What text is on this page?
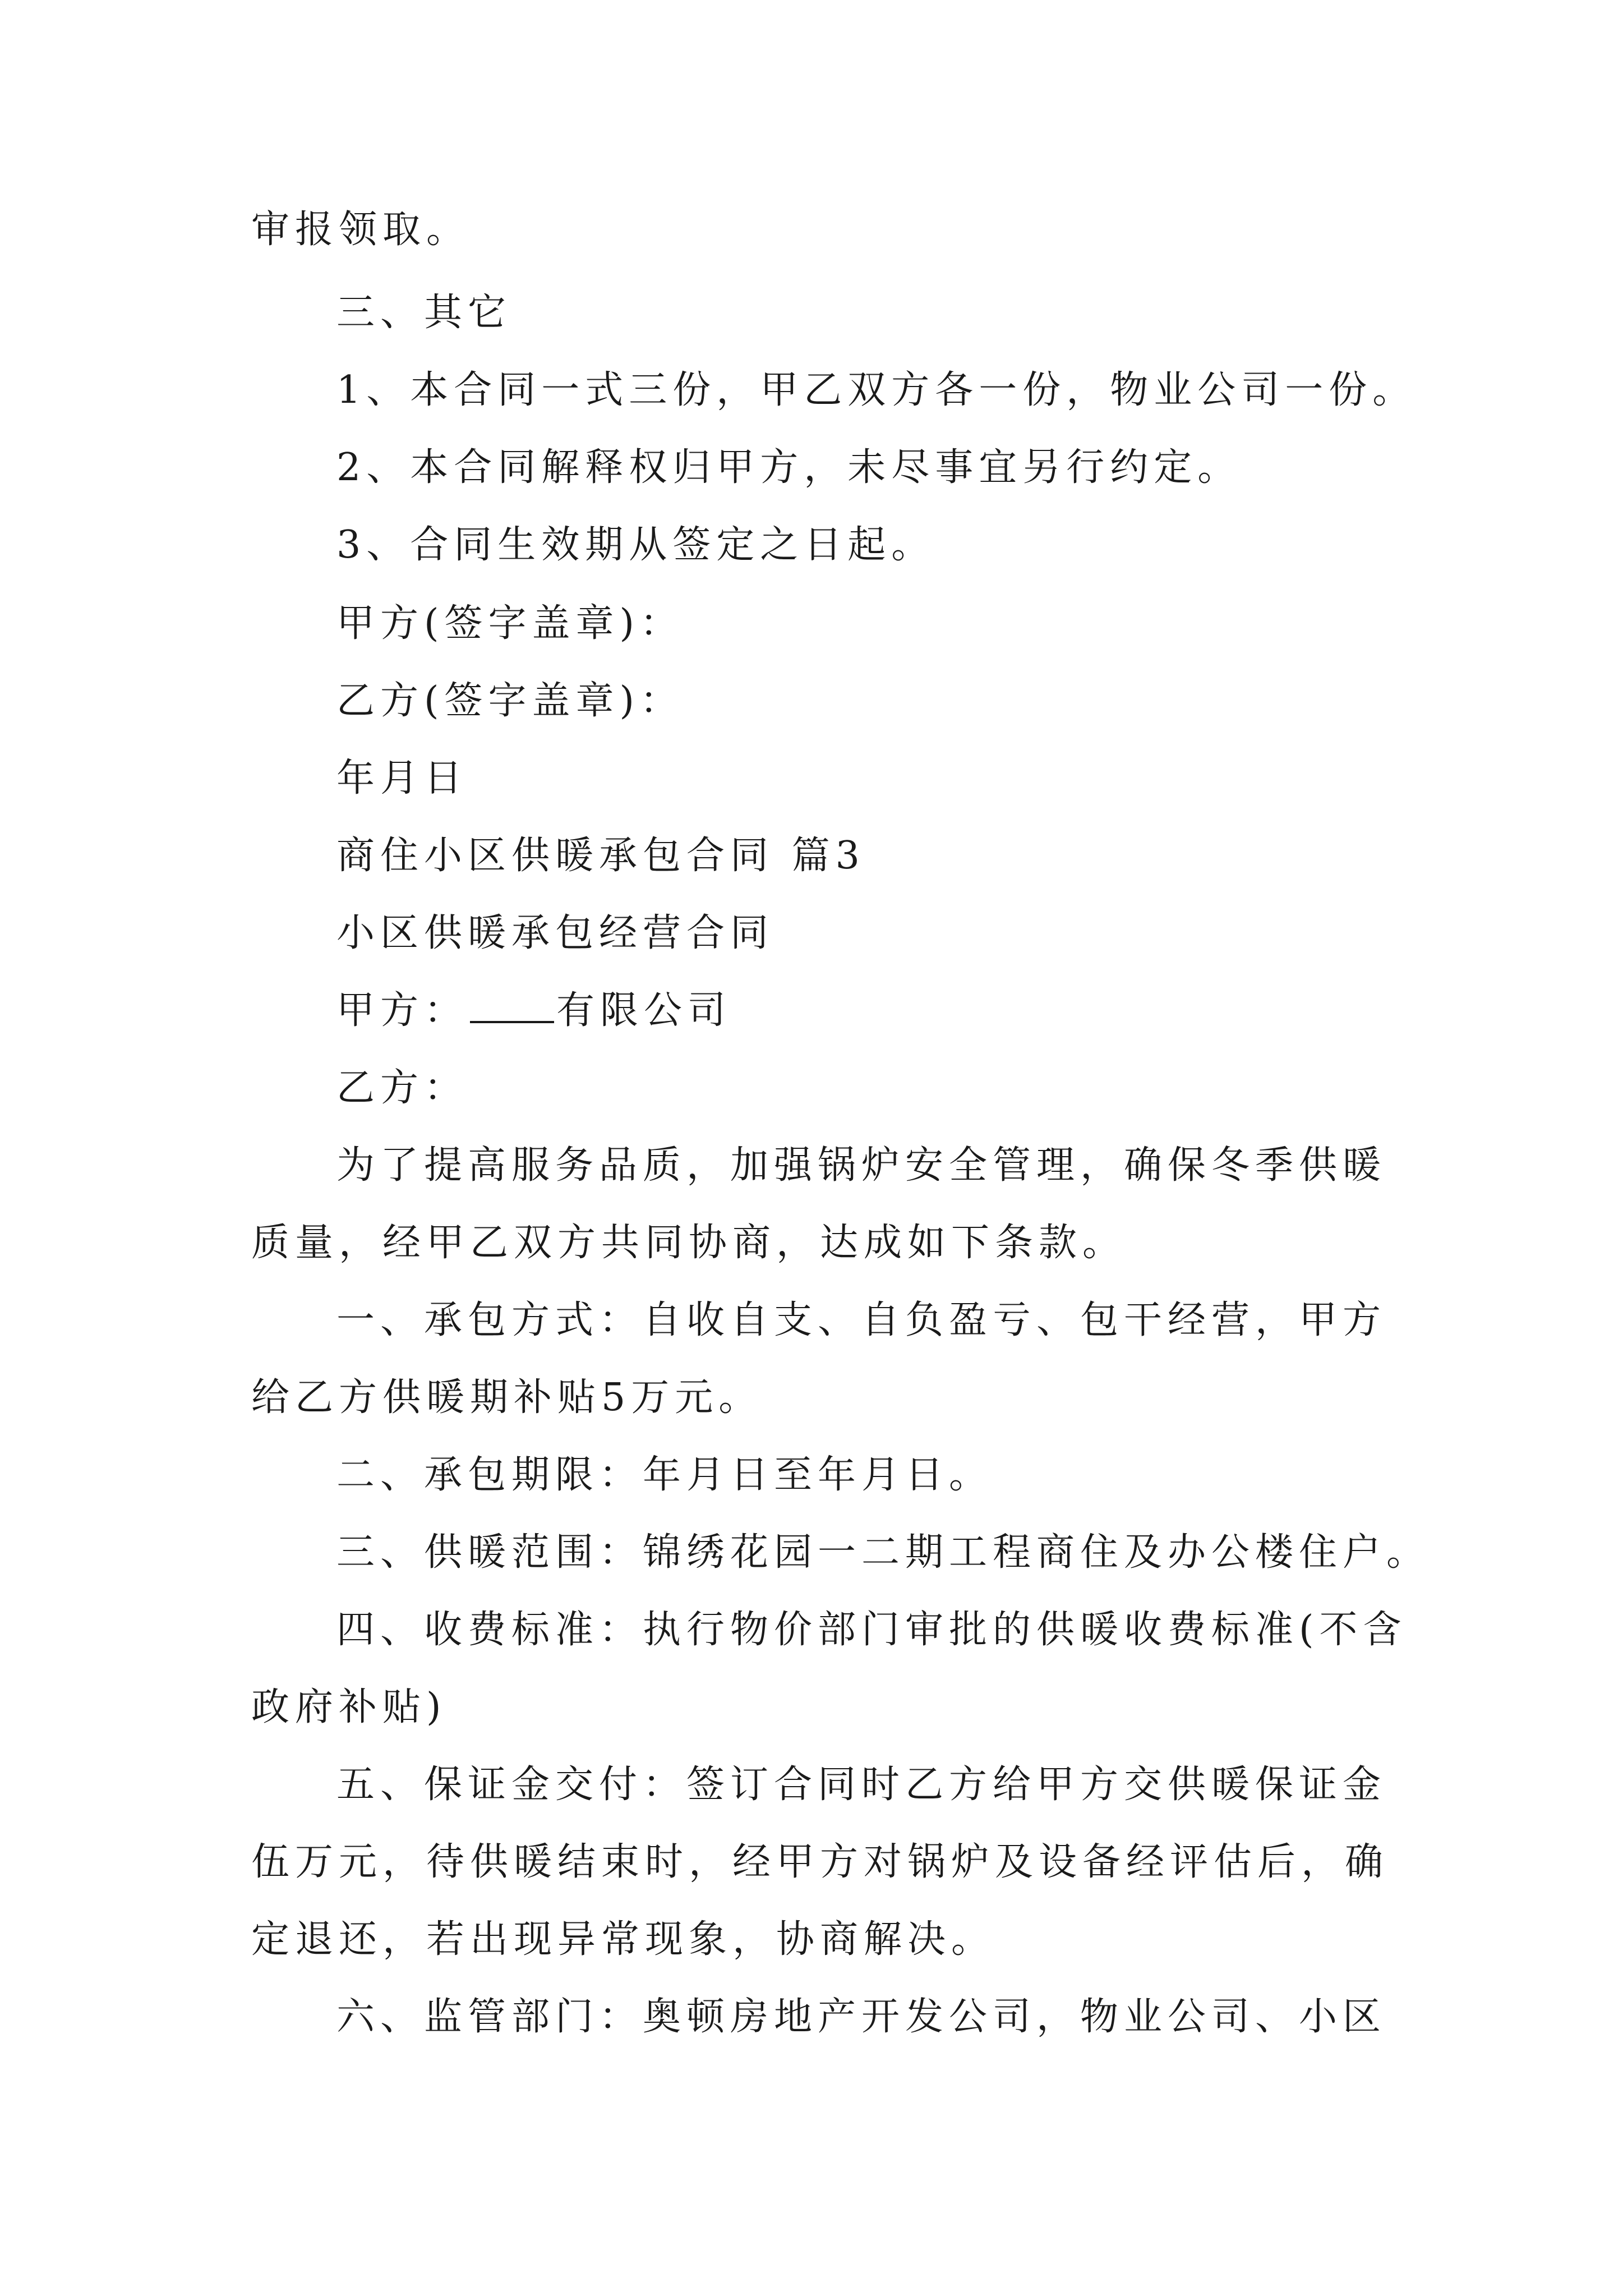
审报领取。
三、其它
1、本合同一式三份，甲乙双方各一份，物业公司一份。
2、本合同解释权归甲方，未尽事宜另行约定。
3、合同生效期从签定之日起。
甲方(签字盖章)：
乙方(签字盖章)：
年月日
商住小区供暖承包合同 篇3
小区供暖承包经营合同
甲方： 有限公司
乙方：
为了提高服务品质，加强锅炉安全管理，确保冬季供暖
质量，经甲乙双方共同协商，达成如下条款。
一、承包方式：自收自支、自负盈亏、包干经营，甲方
给乙方供暖期补贴5万元。
二、承包期限：年月日至年月日。
三、供暖范围：锦绣花园一二期工程商住及办公楼住户。
四、收费标准：执行物价部门审批的供暖收费标准(不含
政府补贴)
五、保证金交付：签订合同时乙方给甲方交供暖保证金
伍万元，待供暖结束时，经甲方对锅炉及设备经评估后，确
定退还，若出现异常现象，协商解决。
六、监管部门：奥顿房地产开发公司，物业公司、小区
